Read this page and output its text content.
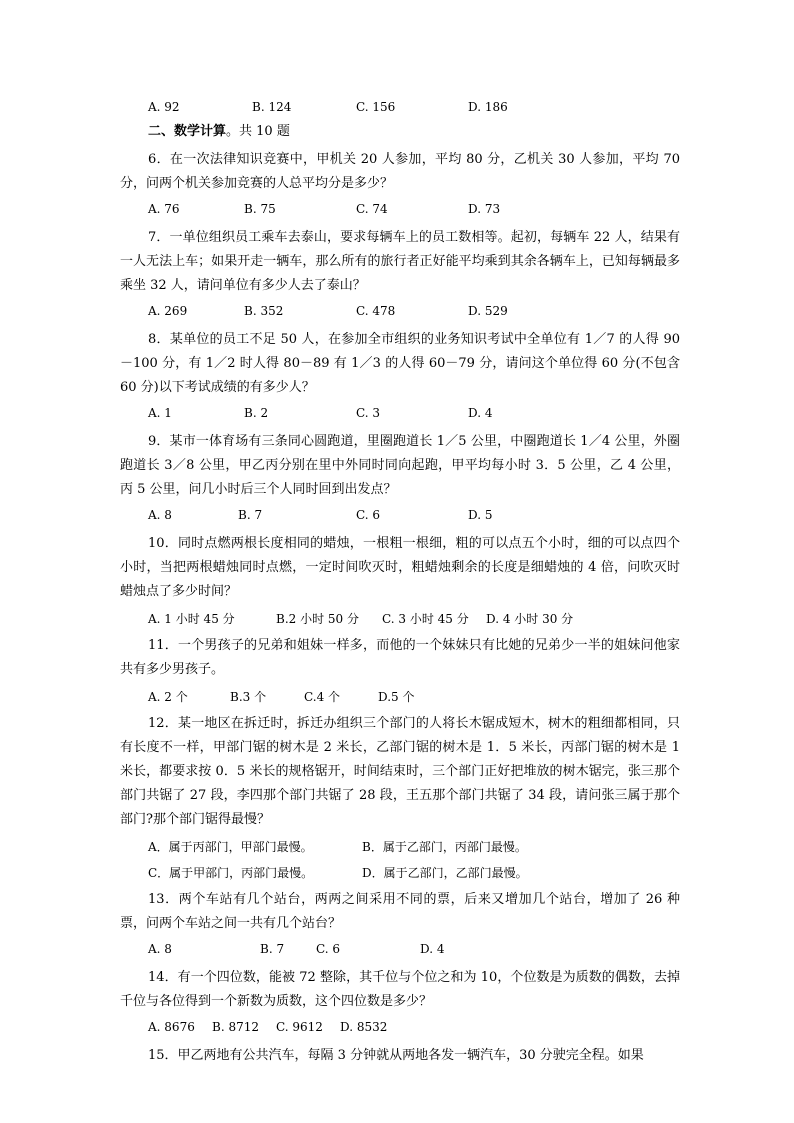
A. 92	B. 124	C. 156	D. 186
二、数学计算。共 10 题

6．在一次法律知识竞赛中，甲机关 20 人参加，平均 80 分，乙机关 30 人参加，平均 70 分，问两个机关参加竞赛的人总平均分是多少？

A. 76	B. 75	C. 74	D. 73

7．一单位组织员工乘车去泰山，要求每辆车上的员工数相等。起初，每辆车 22 人，结果有一人无法上车；如果开走一辆车，那么所有的旅行者正好能平均乘到其余各辆车上，已知每辆最多乘坐 32 人，请问单位有多少人去了泰山？

A. 269	B. 352	C. 478	D. 529

8．某单位的员工不足 50 人，在参加全市组织的业务知识考试中全单位有 1／7 的人得 90－100 分，有 1／2 时人得 80－89 有 1／3 的人得 60－79 分，请问这个单位得 60 分(不包含 60 分)以下考试成绩的有多少人？

A. 1	B. 2	C. 3	D. 4

9．某市一体育场有三条同心圆跑道，里圈跑道长 1／5 公里，中圈跑道长 1／4 公里，外圈跑道长 3／8 公里，甲乙丙分别在里中外同时同向起跑，甲平均每小时 3．5 公里，乙 4 公里，丙 5 公里，问几小时后三个人同时回到出发点？

A. 8	B. 7	C. 6	D. 5

10．同时点燃两根长度相同的蜡烛，一根粗一根细，粗的可以点五个小时，细的可以点四个小时，当把两根蜡烛同时点燃，一定时间吹灭时，粗蜡烛剩余的长度是细蜡烛的 4 倍，问吹灭时蜡烛点了多少时间？

A. 1 小时 45 分	B.2 小时 50 分 C. 3 小时 45 分 D. 4 小时 30 分

11．一个男孩子的兄弟和姐妹一样多，而他的一个妹妹只有比她的兄弟少一半的姐妹问他家共有多少男孩子。

A. 2 个	B.3 个	C.4 个	D.5 个

12．某一地区在拆迁时，拆迁办组织三个部门的人将长木锯成短木，树木的粗细都相同，只有长度不一样，甲部门锯的树木是 2 米长，乙部门锯的树木是 1．5 米长，丙部门锯的树木是 1 米长，都要求按 0．5 米长的规格锯开，时间结束时，三个部门正好把堆放的树木锯完，张三那个部门共锯了 27 段，李四那个部门共锯了 28 段，王五那个部门共锯了 34 段，请问张三属于那个部门?那个部门锯得最慢？

A．属于丙部门，甲部门最慢。	B．属于乙部门，丙部门最慢。
C．属于甲部门，丙部门最慢。	D．属于乙部门，乙部门最慢。

13．两个车站有几个站台，两两之间采用不同的票，后来又增加几个站台，增加了 26 种票，问两个车站之间一共有几个站台？

A. 8	B. 7	C. 6	D. 4

14．有一个四位数，能被 72 整除，其千位与个位之和为 10，个位数是为质数的偶数，去掉千位与各位得到一个新数为质数，这个四位数是多少？

A. 8676 B. 8712 C. 9612 D. 8532

15．甲乙两地有公共汽车，每隔 3 分钟就从两地各发一辆汽车，30 分驶完全程。如果
